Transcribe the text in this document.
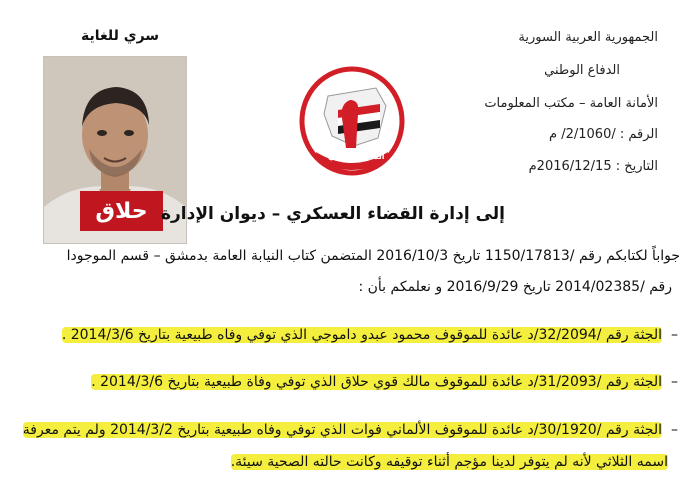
الجمهورية العربية السورية
الدفاع الوطني
الأمانة العامة – مكتب المعلومات
الرقم : /2/1060/ م
التاريخ : 2016/12/15م
سري للغاية
حلاق
الدفاع الوطني
إلى إدارة القضاء العسكري – ديوان الإدارة
جواباً لكتابكم رقم /1150/17813 تاريخ 2016/10/3 المتضمن كتاب النيابة العامة بدمشق – قسم الموجودا
رقم /2014/02385 تاريخ 2016/9/29 و نعلمكم بأن :
–
الجثة رقم /32/2094/د عائدة للموقوف محمود عبدو داموجي الذي توفي وفاه طبيعية بتاريخ 2014/3/6 .
–
الجثة رقم /31/2093/د عائدة للموقوف مالك قوي حلاق الذي توفي وفاة طبيعية بتاريخ 2014/3/6 .
–
الجثة رقم /30/1920/د عائدة للموقوف الألماني فوات الذي توفي وفاه طبيعية بتاريخ 2014/3/2 ولم يتم معرفة
اسمه الثلاثي لأنه لم يتوفر لدينا مؤجم أثناء توقيفه وكانت حالته الصحية سيئة.
